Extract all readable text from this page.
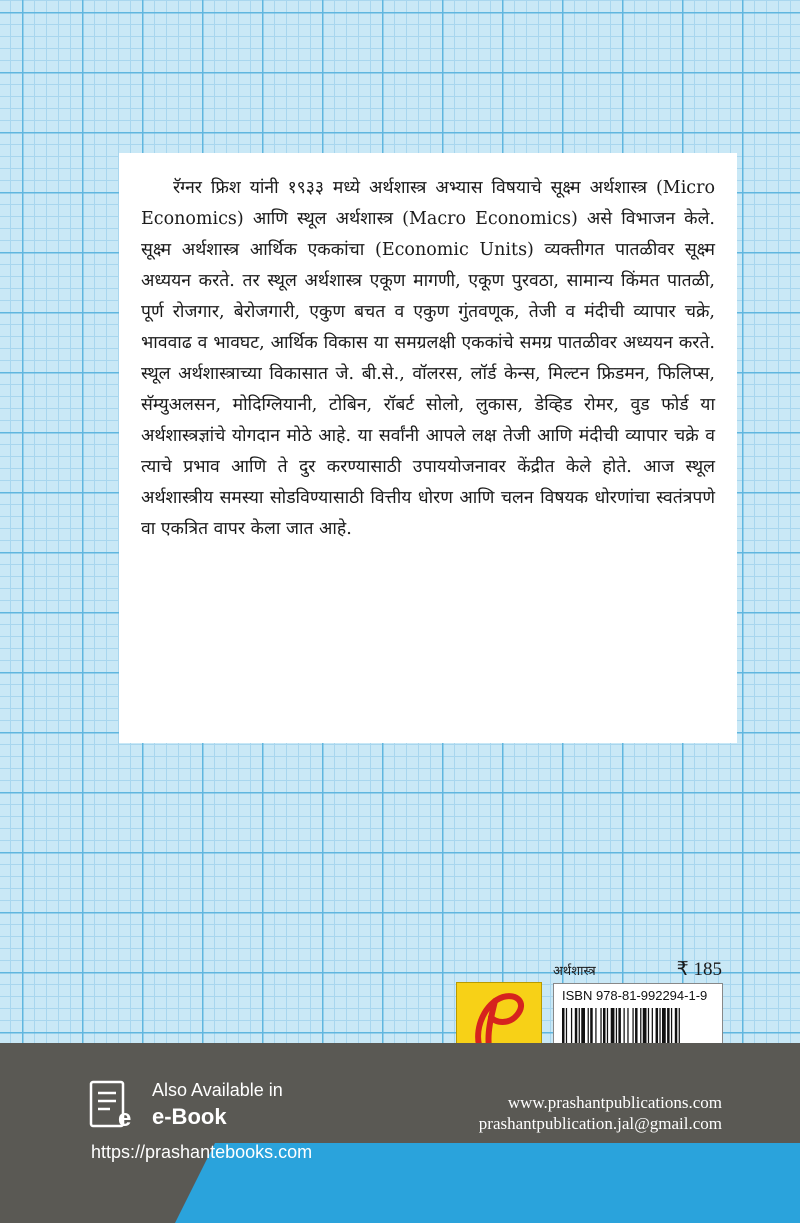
रॅग्नर फ्रिश यांनी १९३३ मध्ये अर्थशास्त्र अभ्यास विषयाचे सूक्ष्म अर्थशास्त्र (Micro Economics) आणि स्थूल अर्थशास्त्र (Macro Economics) असे विभाजन केले. सूक्ष्म अर्थशास्त्र आर्थिक एककांचा (Economic Units) व्यक्तीगत पातळीवर सूक्ष्म अध्ययन करते. तर स्थूल अर्थशास्त्र एकूण मागणी, एकूण पुरवठा, सामान्य किंमत पातळी, पूर्ण रोजगार, बेरोजगारी, एकुण बचत व एकुण गुंतवणूक, तेजी व मंदीची व्यापार चक्रे, भाववाढ व भावघट, आर्थिक विकास या समग्रलक्षी एककांचे समग्र पातळीवर अध्ययन करते. स्थूल अर्थशास्त्राच्या विकासात जे. बी.से., वॉलरस, लॉर्ड केन्स, मिल्टन फ्रिडमन, फिलिप्स, सॅम्युअलसन, मोदिग्लियानी, टोबिन, रॉबर्ट सोलो, लुकास, डेव्हिड रोमर, वुड फोर्ड या अर्थशास्त्रज्ञांचे योगदान मोठे आहे. या सर्वांनी आपले लक्ष तेजी आणि मंदीची व्यापार चक्रे व त्याचे प्रभाव आणि ते दुर करण्यासाठी उपाययोजनावर केंद्रीत केले होते. आज स्थूल अर्थशास्त्रीय समस्या सोडविण्यासाठी वित्तीय धोरण आणि चलन विषयक धोरणांचा स्वतंत्रपणे वा एकत्रित वापर केला जात आहे.

अर्थशास्त्र	₹ 185
ISBN 978-81-992294-1-9
e
Also Available in
e-Book
https://prashantebooks.com
www.prashantpublications.com
prashantpublication.jal@gmail.com
